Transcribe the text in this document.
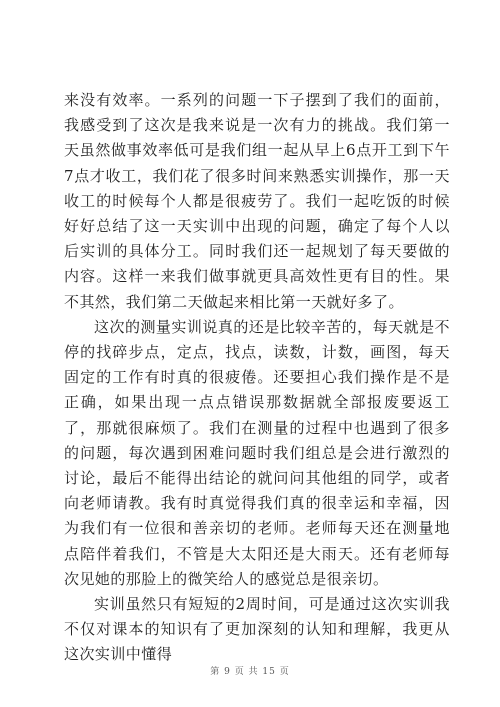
来没有效率。一系列的问题一下子摆到了我们的面前，我感受到了这次是我来说是一次有力的挑战。我们第一天虽然做事效率低可是我们组一起从早上6点开工到下午7点才收工，我们花了很多时间来熟悉实训操作，那一天收工的时候每个人都是很疲劳了。我们一起吃饭的时候好好总结了这一天实训中出现的问题，确定了每个人以后实训的具体分工。同时我们还一起规划了每天要做的内容。这样一来我们做事就更具高效性更有目的性。果不其然，我们第二天做起来相比第一天就好多了。

这次的测量实训说真的还是比较辛苦的，每天就是不停的找碎步点，定点，找点，读数，计数，画图，每天固定的工作有时真的很疲倦。还要担心我们操作是不是正确，如果出现一点点错误那数据就全部报废要返工了，那就很麻烦了。我们在测量的过程中也遇到了很多的问题，每次遇到困难问题时我们组总是会进行激烈的讨论，最后不能得出结论的就问问其他组的同学，或者向老师请教。我有时真觉得我们真的很幸运和幸福，因为我们有一位很和善亲切的老师。老师每天还在测量地点陪伴着我们，不管是大太阳还是大雨天。还有老师每次见她的那脸上的微笑给人的感觉总是很亲切。

实训虽然只有短短的2周时间，可是通过这次实训我不仅对课本的知识有了更加深刻的认知和理解，我更从这次实训中懂得

第 9 页 共 15 页
